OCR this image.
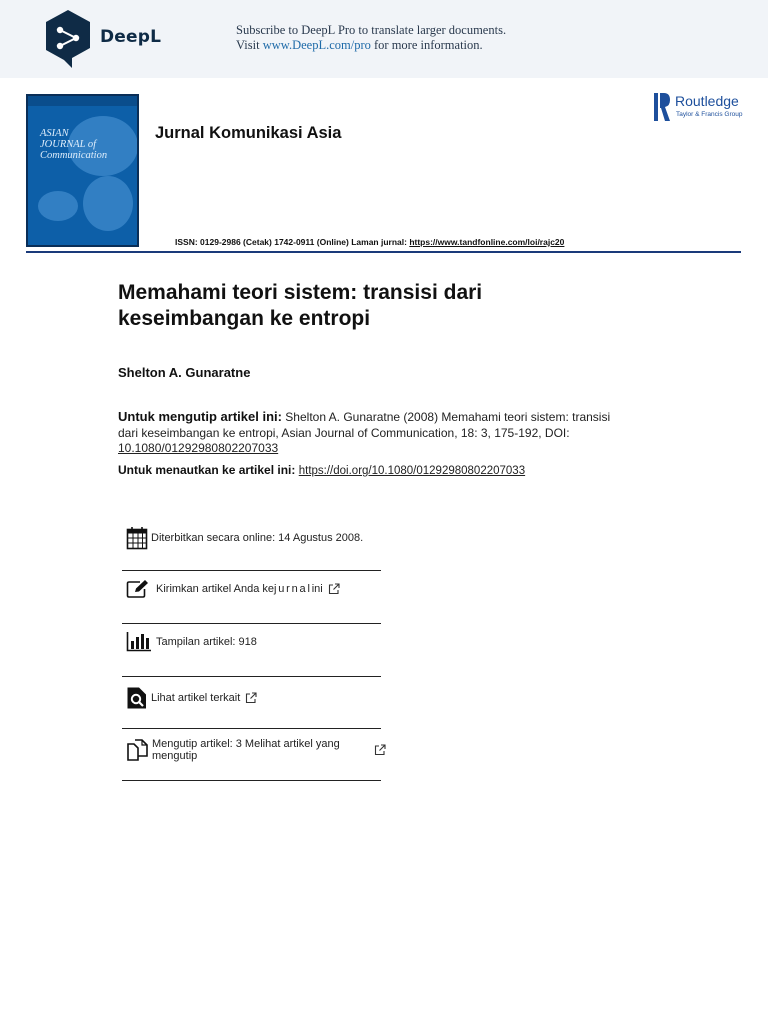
DeepL	Subscribe to DeepL Pro to translate larger documents.
Visit www.DeepL.com/pro for more information.
ASIAN
JOURNAL of
Communication
Jurnal Komunikasi Asia
Routledge
Taylor & Francis Group
ISSN: 0129-2986 (Cetak) 1742-0911 (Online) Laman jurnal: https://www.tandfonline.com/loi/rajc20
Memahami teori sistem: transisi dari keseimbangan ke entropi
Shelton A. Gunaratne
Untuk mengutip artikel ini: Shelton A. Gunaratne (2008) Memahami teori sistem: transisi dari keseimbangan ke entropi, Asian Journal of Communication, 18: 3, 175-192, DOI: 10.1080/01292980802207033
Untuk menautkan ke artikel ini: https://doi.org/10.1080/01292980802207033
Diterbitkan secara online: 14 Agustus 2008.
Kirimkan artikel Anda ke jurnal ini
Tampilan artikel: 918
Lihat artikel terkait
Mengutip artikel: 3 Melihat artikel yang mengutip
